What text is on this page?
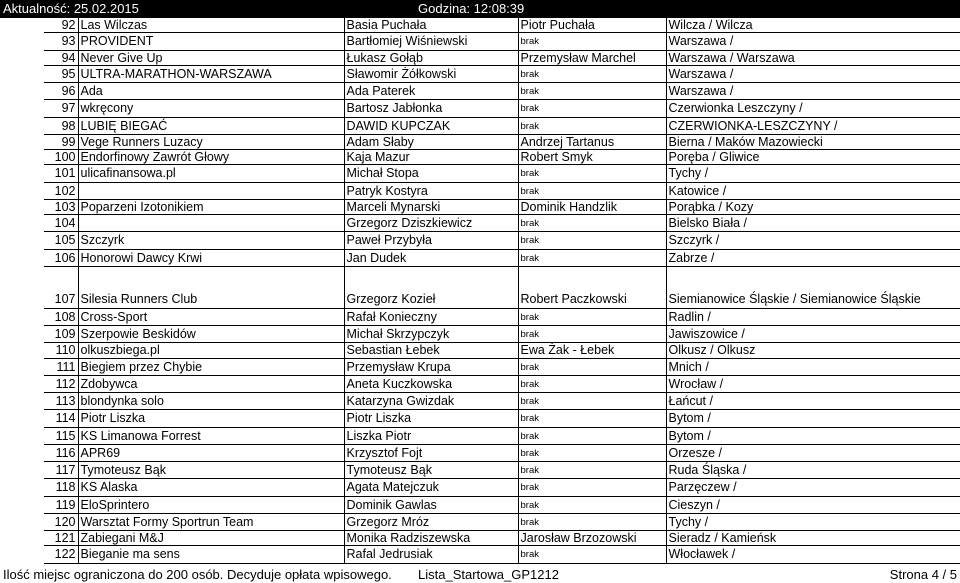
Aktualność: 25.02.2015	Godzina: 12:08:39
92	Las Wilczas	Basia Puchała	Piotr Puchała	Wilcza / Wilcza
93	PROVIDENT	Bartłomiej Wiśniewski	brak	Warszawa /
94	Never Give Up	Łukasz Gołąb	Przemysław Marchel	Warszawa / Warszawa
95	ULTRA-MARATHON-WARSZAWA	Sławomir Żółkowski	brak	Warszawa /
96	Ada	Ada Paterek	brak	Warszawa /
97	wkręcony	Bartosz Jabłonka	brak	Czerwionka Leszczyny /
98	LUBIĘ BIEGAĆ	DAWID KUPCZAK	brak	CZERWIONKA-LESZCZYNY /
99	Vege Runners Luzacy	Adam Słaby	Andrzej Tartanus	Bierna / Maków Mazowiecki
100	Endorfinowy Zawrót Głowy	Kaja Mazur	Robert Smyk	Poręba / Gliwice
101	ulicafinansowa.pl	Michał Stopa	brak	Tychy /
102		Patryk Kostyra	brak	Katowice /
103	Poparzeni Izotonikiem	Marceli Mynarski	Dominik Handzlik	Porąbka / Kozy
104		Grzegorz Dziszkiewicz	brak	Bielsko Biała /
105	Szczyrk	Paweł Przybyła	brak	Szczyrk /
106	Honorowi Dawcy Krwi	Jan Dudek	brak	Zabrze /
107	Silesia Runners Club	Grzegorz Kozieł	Robert Paczkowski	Siemianowice Śląskie / Siemianowice Śląskie
108	Cross-Sport	Rafał Konieczny	brak	Radlin /
109	Szerpowie Beskidów	Michał Skrzypczyk	brak	Jawiszowice /
110	olkuszbiega.pl	Sebastian Łebek	Ewa Żak - Łebek	Olkusz / Olkusz
111	Biegiem przez Chybie	Przemysław Krupa	brak	Mnich /
112	Zdobywca	Aneta Kuczkowska	brak	Wrocław /
113	blondynka solo	Katarzyna Gwizdak	brak	Łańcut /
114	Piotr Liszka	Piotr Liszka	brak	Bytom /
115	KS Limanowa Forrest	Liszka Piotr	brak	Bytom /
116	APR69	Krzysztof Fojt	brak	Orzesze /
117	Tymoteusz Bąk	Tymoteusz Bąk	brak	Ruda Śląska /
118	KS Alaska	Agata Matejczuk	brak	Parzęczew /
119	EloSprintero	Dominik Gawlas	brak	Cieszyn /
120	Warsztat Formy Sportrun Team	Grzegorz Mróz	brak	Tychy /
121	Zabiegani M&J	Monika Radziszewska	Jarosław Brzozowski	Sieradz / Kamieńsk
122	Bieganie ma sens	Rafal Jedrusiak	brak	Włocławek /
Ilość miejsc ograniczona do 200 osób. Decyduje opłata wpisowego. Lista_Startowa_GP1212	Strona 4 / 5
